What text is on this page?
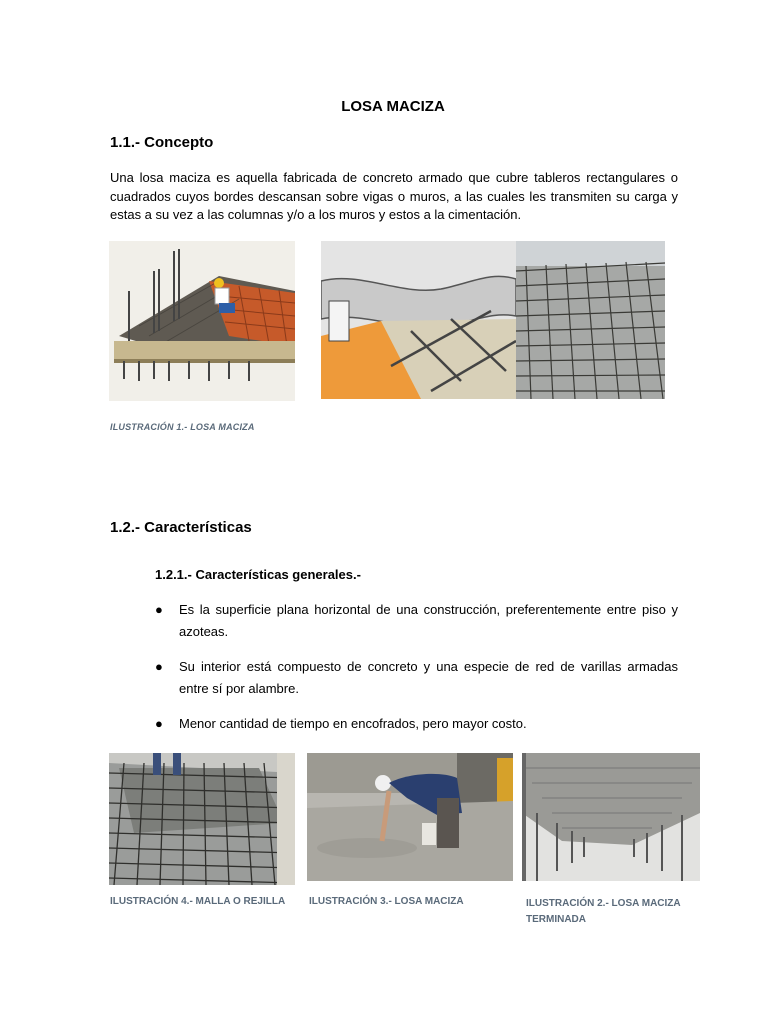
LOSA MACIZA
1.1.- Concepto
Una losa maciza es aquella fabricada de concreto armado que cubre tableros rectangulares o cuadrados cuyos bordes descansan sobre vigas o muros, a las cuales les transmiten su carga y estas a su vez a las columnas y/o a los muros y estos a la cimentación.
ILUSTRACIÓN 1.- LOSA MACIZA
1.2.- Características
1.2.1.- Características generales.-
● Es la superficie plana horizontal de una construcción, preferentemente entre piso y azoteas.
● Su interior está compuesto de concreto y una especie de red de varillas armadas entre sí por alambre.
● Menor cantidad de tiempo en encofrados, pero mayor costo.
ILUSTRACIÓN 4.- MALLA O REJILLA	ILUSTRACIÓN 3.- LOSA MACIZA	ILUSTRACIÓN 2.- LOSA MACIZA TERMINADA
